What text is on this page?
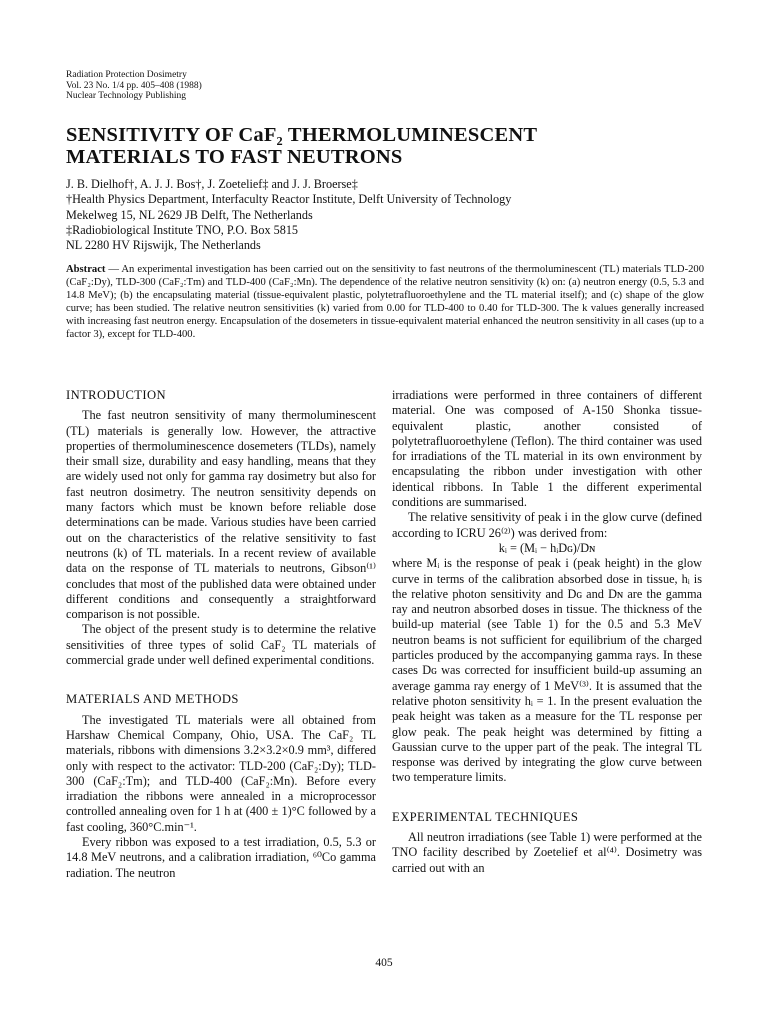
Radiation Protection Dosimetry
Vol. 23 No. 1/4 pp. 405–408 (1988)
Nuclear Technology Publishing
SENSITIVITY OF CaF₂ THERMOLUMINESCENT
MATERIALS TO FAST NEUTRONS
J. B. Dielhof†, A. J. J. Bos†, J. Zoetelief‡ and J. J. Broerse‡
†Health Physics Department, Interfaculty Reactor Institute, Delft University of Technology
Mekelweg 15, NL 2629 JB Delft, The Netherlands
‡Radiobiological Institute TNO, P.O. Box 5815
NL 2280 HV Rijswijk, The Netherlands
Abstract — An experimental investigation has been carried out on the sensitivity to fast neutrons of the thermoluminescent (TL) materials TLD-200 (CaF₂:Dy), TLD-300 (CaF₂:Tm) and TLD-400 (CaF₂:Mn). The dependence of the relative neutron sensitivity (k) on: (a) neutron energy (0.5, 5.3 and 14.8 MeV); (b) the encapsulating material (tissue-equivalent plastic, polytetrafluoroethylene and the TL material itself); and (c) shape of the glow curve; has been studied. The relative neutron sensitivities (k) varied from 0.00 for TLD-400 to 0.40 for TLD-300. The k values generally increased with increasing fast neutron energy. Encapsulation of the dosemeters in tissue-equivalent material enhanced the neutron sensitivity in all cases (up to a factor 3), except for TLD-400.
INTRODUCTION

The fast neutron sensitivity of many thermoluminescent (TL) materials is generally low. However, the attractive properties of thermoluminescence dosemeters (TLDs), namely their small size, durability and easy handling, means that they are widely used not only for gamma ray dosimetry but also for fast neutron dosimetry. The neutron sensitivity depends on many factors which must be known before reliable dose determinations can be made. Various studies have been carried out on the characteristics of the relative sensitivity to fast neutrons (k) of TL materials. In a recent review of available data on the response of TL materials to neutrons, Gibson⁽¹⁾ concludes that most of the published data were obtained under different conditions and consequently a straightforward comparison is not possible.

The object of the present study is to determine the relative sensitivities of three types of solid CaF₂ TL materials of commercial grade under well defined experimental conditions.

MATERIALS AND METHODS

The investigated TL materials were all obtained from Harshaw Chemical Company, Ohio, USA. The CaF₂ TL materials, ribbons with dimensions 3.2×3.2×0.9 mm³, differed only with respect to the activator: TLD-200 (CaF₂:Dy); TLD-300 (CaF₂:Tm); and TLD-400 (CaF₂:Mn). Before every irradiation the ribbons were annealed in a microprocessor controlled annealing oven for 1 h at (400 ± 1)°C followed by a fast cooling, 360°C.min⁻¹.

Every ribbon was exposed to a test irradiation, 0.5, 5.3 or 14.8 MeV neutrons, and a calibration irradiation, ⁶⁰Co gamma radiation. The neutron

irradiations were performed in three containers of different material. One was composed of A-150 Shonka tissue-equivalent plastic, another consisted of polytetrafluoroethylene (Teflon). The third container was used for irradiations of the TL material in its own environment by encapsulating the ribbon under investigation with other identical ribbons. In Table 1 the different experimental conditions are summarised.

The relative sensitivity of peak i in the glow curve (defined according to ICRU 26⁽²⁾) was derived from:

kᵢ = (Mᵢ − hᵢDɢ)/Dɴ

where Mᵢ is the response of peak i (peak height) in the glow curve in terms of the calibration absorbed dose in tissue, hᵢ is the relative photon sensitivity and Dɢ and Dɴ are the gamma ray and neutron absorbed doses in tissue. The thickness of the build-up material (see Table 1) for the 0.5 and 5.3 MeV neutron beams is not sufficient for equilibrium of the charged particles produced by the accompanying gamma rays. In these cases Dɢ was corrected for insufficient build-up assuming an average gamma ray energy of 1 MeV⁽³⁾. It is assumed that the relative photon sensitivity hᵢ = 1. In the present evaluation the peak height was taken as a measure for the TL response per glow peak. The peak height was determined by fitting a Gaussian curve to the upper part of the peak. The integral TL response was derived by integrating the glow curve between two temperature limits.

EXPERIMENTAL TECHNIQUES

All neutron irradiations (see Table 1) were performed at the TNO facility described by Zoetelief et al⁽⁴⁾. Dosimetry was carried out with an

405
